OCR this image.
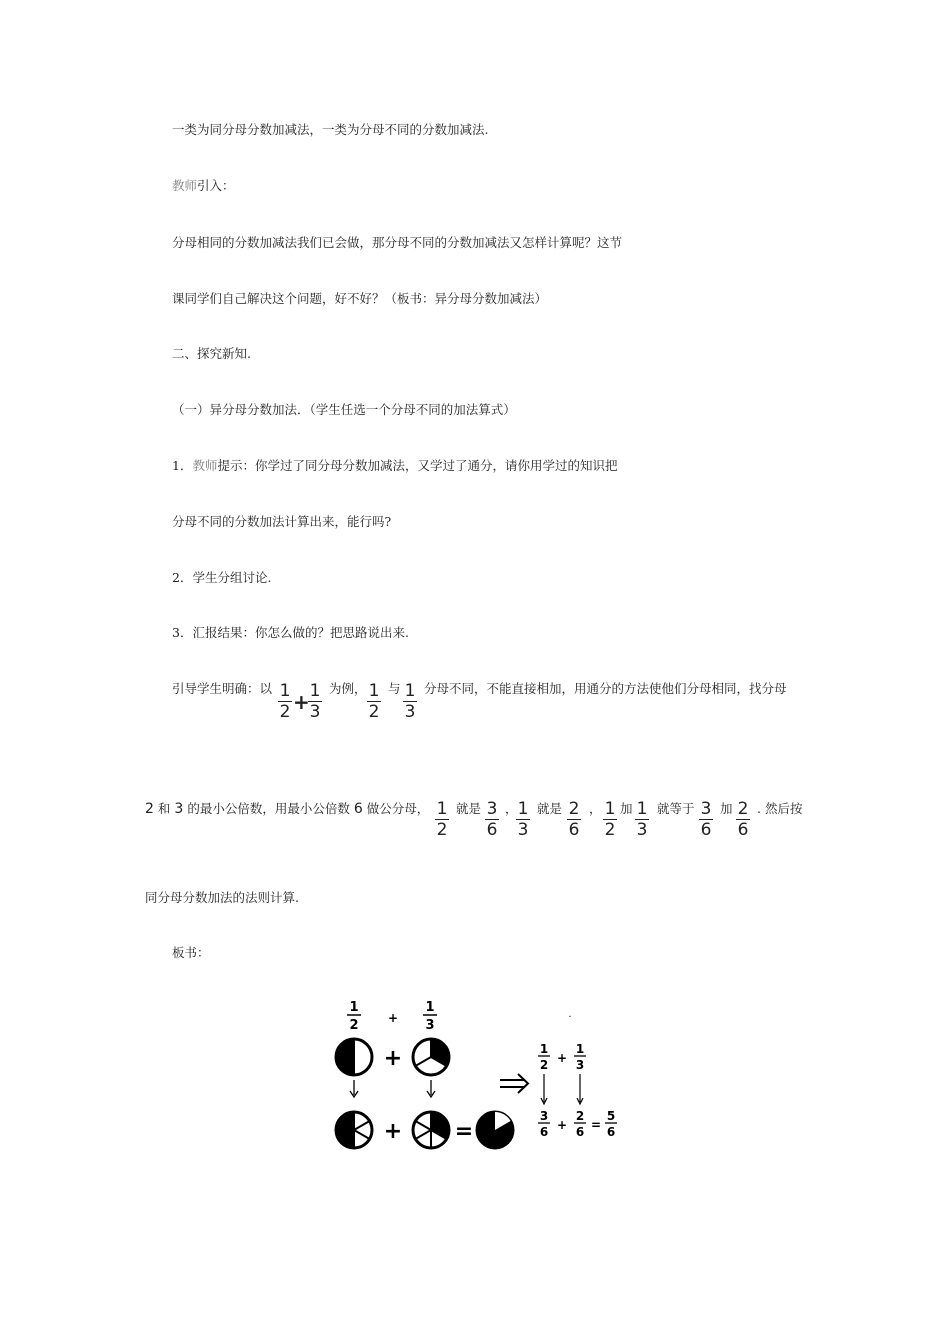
一类为同分母分数加减法，一类为分母不同的分数加减法.
教师引入：
分母相同的分数加减法我们已会做，那分母不同的分数加减法又怎样计算呢？这节
课同学们自己解决这个问题，好不好？（板书：异分母分数加减法）
二、探究新知.
（一）异分母分数加法．（学生任选一个分母不同的加法算式）
1．教师提示：你学过了同分母分数加减法，又学过了通分，请你用学过的知识把
分母不同的分数加法计算出来，能行吗?
2．学生分组讨论.
3．汇报结果：你怎么做的？把思路说出来.
引导学生明确：以 1
2 + 1
3
为例， 1
2
与 1
3
分母不同，不能直接相加，用通分的方法使他们分母相同，找分母
2 和 3 的最小公倍数，用最小公倍数 6 做公分母， 1
2
就是 3
6
， 1
3
就是 2
6
， 1
2
加 1
3
就等于 3
6
加 2
6
. 然后按
同分母分数加法的法则计算.
板书：
1
2 +
1
3
+
+ =
·
1
2 +
1
3
3
6 +
2
6 =
5
6
